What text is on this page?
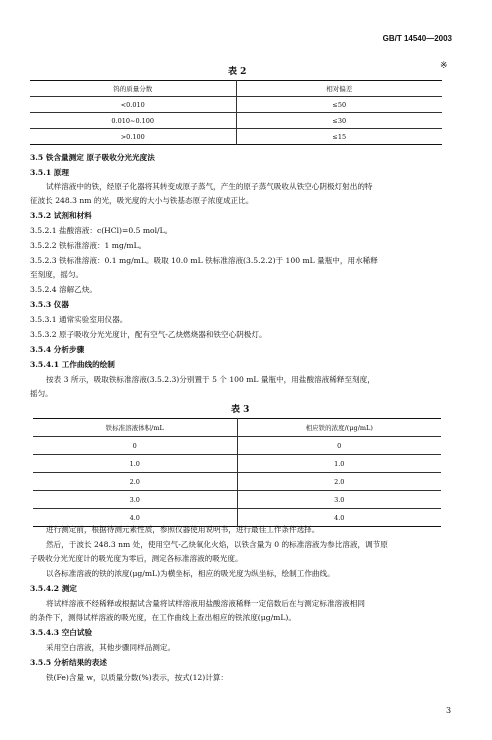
GB/T 14540—2003
※
表 2
钨的质量分数	相对偏差
<0.010	≤50
0.010~0.100	≤30
>0.100	≤15
3.5 铁含量测定 原子吸收分光光度法
3.5.1 原理
试样溶液中的铁，经原子化器将其转变成原子蒸气，产生的原子蒸气吸收从铁空心阴极灯射出的特
征波长 248.3 nm 的光，吸光度的大小与铁基态原子浓度成正比。
3.5.2 试剂和材料
3.5.2.1 盐酸溶液：c(HCl)=0.5 mol/L。
3.5.2.2 铁标准溶液：1 mg/mL。
3.5.2.3 铁标准溶液：0.1 mg/mL。吸取 10.0 mL 铁标准溶液(3.5.2.2)于 100 mL 量瓶中，用水稀释
至刻度，摇匀。
3.5.2.4 溶解乙炔。
3.5.3 仪器
3.5.3.1 通常实验室用仪器。
3.5.3.2 原子吸收分光光度计，配有空气-乙炔燃烧器和铁空心阴极灯。
3.5.4 分析步骤
3.5.4.1 工作曲线的绘制
按表 3 所示，吸取铁标准溶液(3.5.2.3)分别置于 5 个 100 mL 量瓶中，用盐酸溶液稀释至刻度，
摇匀。
表 3
铁标准溶液体积/mL	相应铁的浓度/(μg/mL)
0	0
1.0	1.0
2.0	2.0
3.0	3.0
4.0	4.0
进行测定前，根据待测元素性质，参照仪器使用说明书，进行最佳工作条件选择。
然后，于波长 248.3 nm 处，使用空气-乙炔氧化火焰，以铁含量为 0 的标准溶液为参比溶液，调节原
子吸收分光光度计的吸光度为零后，测定各标准溶液的吸光度。
以各标准溶液的铁的浓度(μg/mL)为横坐标，相应的吸光度为纵坐标，绘制工作曲线。
3.5.4.2 测定
将试样溶液不经稀释或根据试含量将试样溶液用盐酸溶液稀释一定倍数后在与测定标准溶液相同
的条件下，测得试样溶液的吸光度，在工作曲线上查出相应的铁浓度(μg/mL)。
3.5.4.3 空白试验
采用空白溶液，其他步骤同样品测定。
3.5.5 分析结果的表述
铁(Fe)含量 w，以质量分数(%)表示，按式(12)计算：
3
